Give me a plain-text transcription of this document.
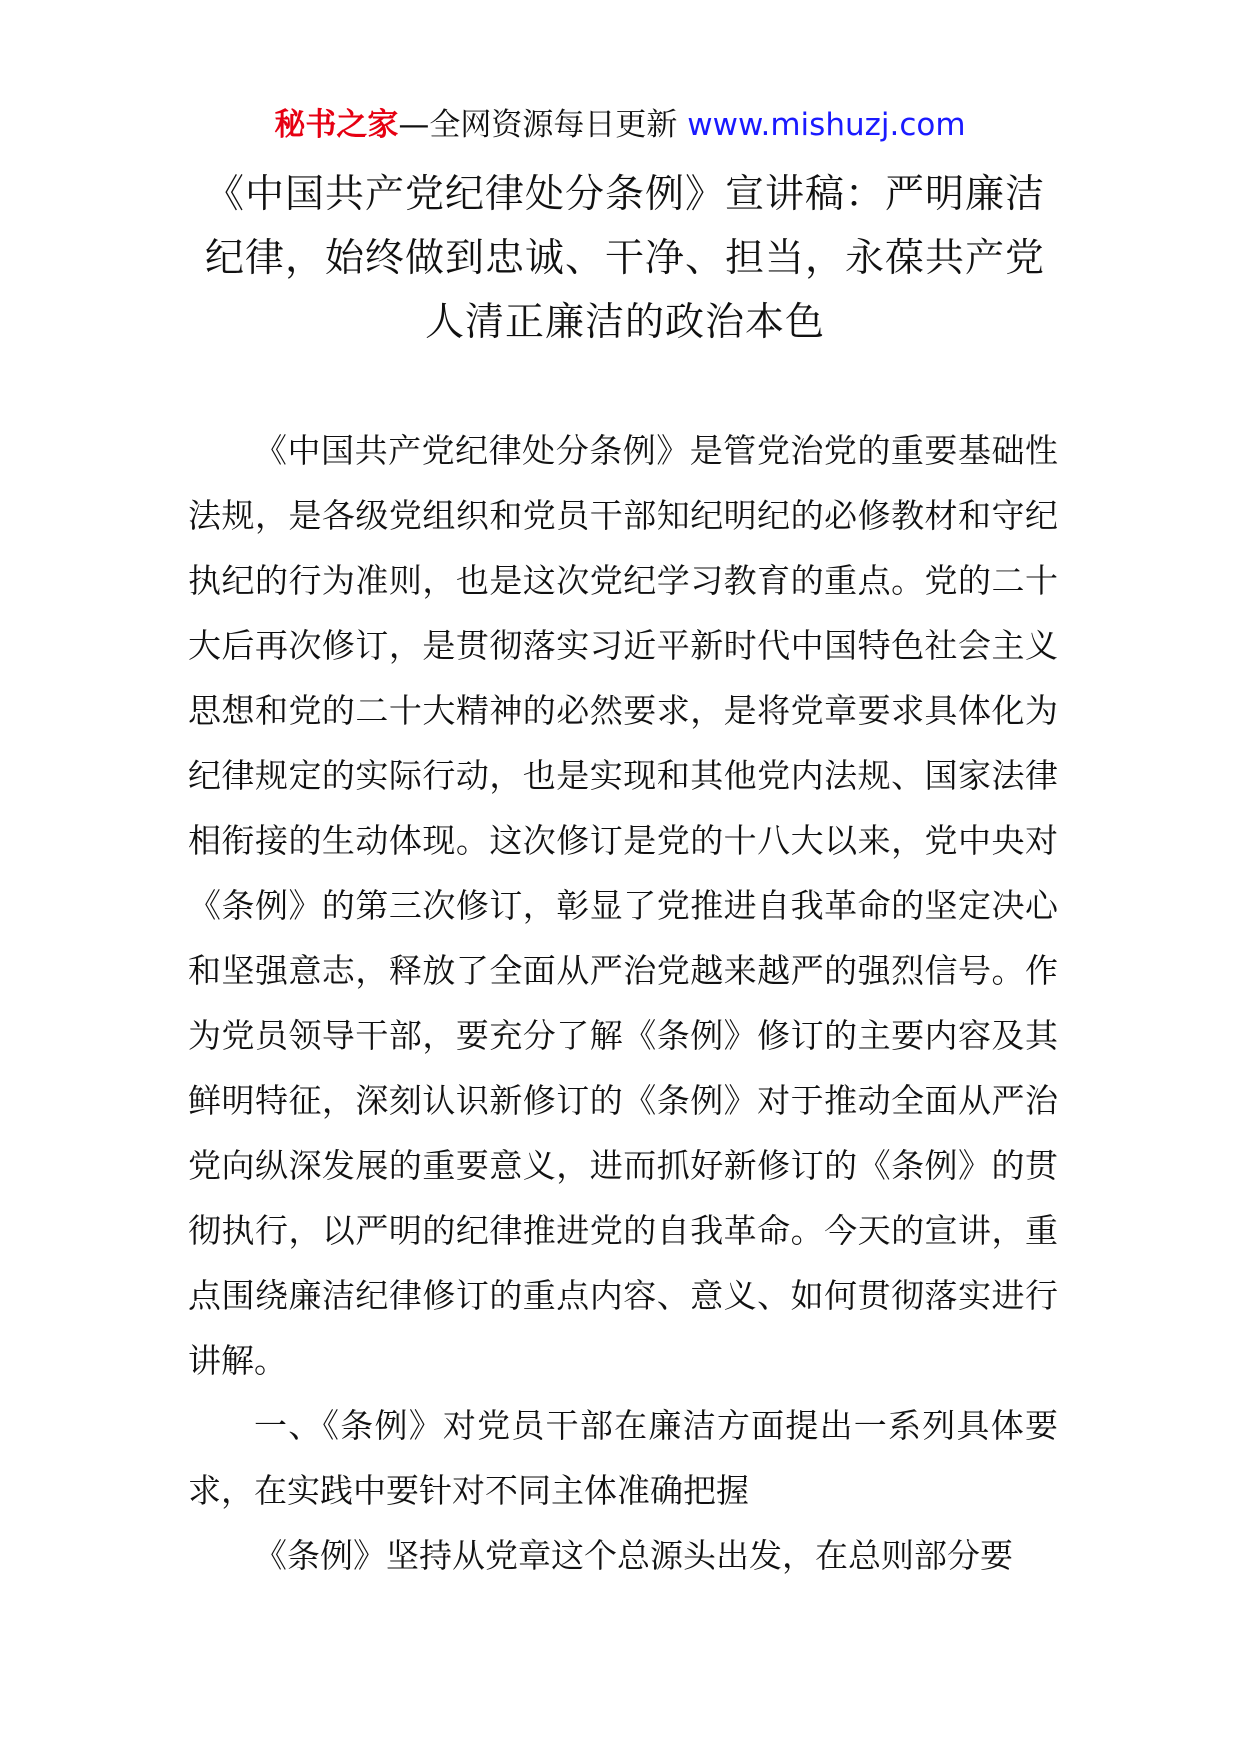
秘书之家—全网资源每日更新 www.mishuzj.com
《中国共产党纪律处分条例》宣讲稿：严明廉洁纪律，始终做到忠诚、干净、担当，永葆共产党人清正廉洁的政治本色

《中国共产党纪律处分条例》是管党治党的重要基础性法规，是各级党组织和党员干部知纪明纪的必修教材和守纪执纪的行为准则，也是这次党纪学习教育的重点。党的二十大后再次修订，是贯彻落实习近平新时代中国特色社会主义思想和党的二十大精神的必然要求，是将党章要求具体化为纪律规定的实际行动，也是实现和其他党内法规、国家法律相衔接的生动体现。这次修订是党的十八大以来，党中央对《条例》的第三次修订，彰显了党推进自我革命的坚定决心和坚强意志，释放了全面从严治党越来越严的强烈信号。作为党员领导干部，要充分了解《条例》修订的主要内容及其鲜明特征，深刻认识新修订的《条例》对于推动全面从严治党向纵深发展的重要意义，进而抓好新修订的《条例》的贯彻执行，以严明的纪律推进党的自我革命。今天的宣讲，重点围绕廉洁纪律修订的重点内容、意义、如何贯彻落实进行讲解。

一、《条例》对党员干部在廉洁方面提出一系列具体要求，在实践中要针对不同主体准确把握

《条例》坚持从党章这个总源头出发，在总则部分要
